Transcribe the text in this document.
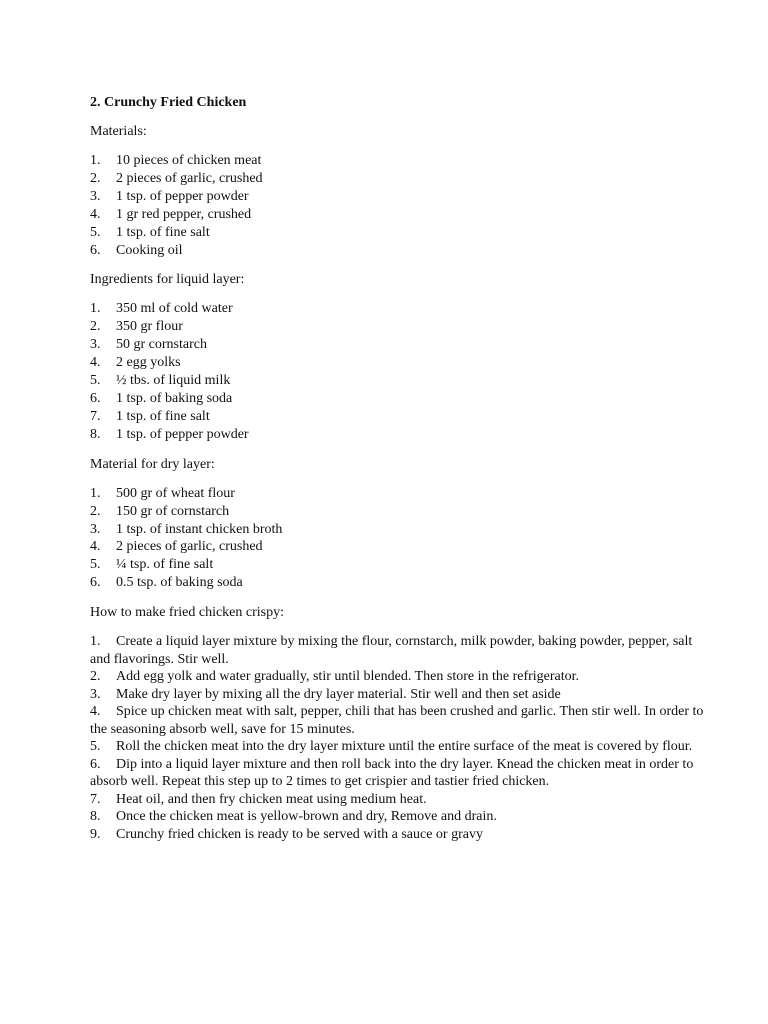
2. Crunchy Fried Chicken
Materials:
1.	10 pieces of chicken meat
2.	2 pieces of garlic, crushed
3.	1 tsp. of pepper powder
4.	1 gr red pepper, crushed
5.	1 tsp. of fine salt
6.	Cooking oil
Ingredients for liquid layer:
1.	350 ml of cold water
2.	350 gr flour
3.	50 gr cornstarch
4.	2 egg yolks
5.	½ tbs. of liquid milk
6.	1 tsp. of baking soda
7.	1 tsp. of fine salt
8.	1 tsp. of pepper powder
Material for dry layer:
1.	500 gr of wheat flour
2.	150 gr of cornstarch
3.	1 tsp. of instant chicken broth
4.	2 pieces of garlic, crushed
5.	¼ tsp. of fine salt
6.	0.5 tsp. of baking soda
How to make fried chicken crispy:
1. Create a liquid layer mixture by mixing the flour, cornstarch, milk powder, baking powder, pepper, salt and flavorings. Stir well.
2. Add egg yolk and water gradually, stir until blended. Then store in the refrigerator.
3. Make dry layer by mixing all the dry layer material. Stir well and then set aside
4. Spice up chicken meat with salt, pepper, chili that has been crushed and garlic. Then stir well. In order to the seasoning absorb well, save for 15 minutes.
5. Roll the chicken meat into the dry layer mixture until the entire surface of the meat is covered by flour.
6. Dip into a liquid layer mixture and then roll back into the dry layer. Knead the chicken meat in order to absorb well. Repeat this step up to 2 times to get crispier and tastier fried chicken.
7. Heat oil, and then fry chicken meat using medium heat.
8. Once the chicken meat is yellow-brown and dry, Remove and drain.
9. Crunchy fried chicken is ready to be served with a sauce or gravy
